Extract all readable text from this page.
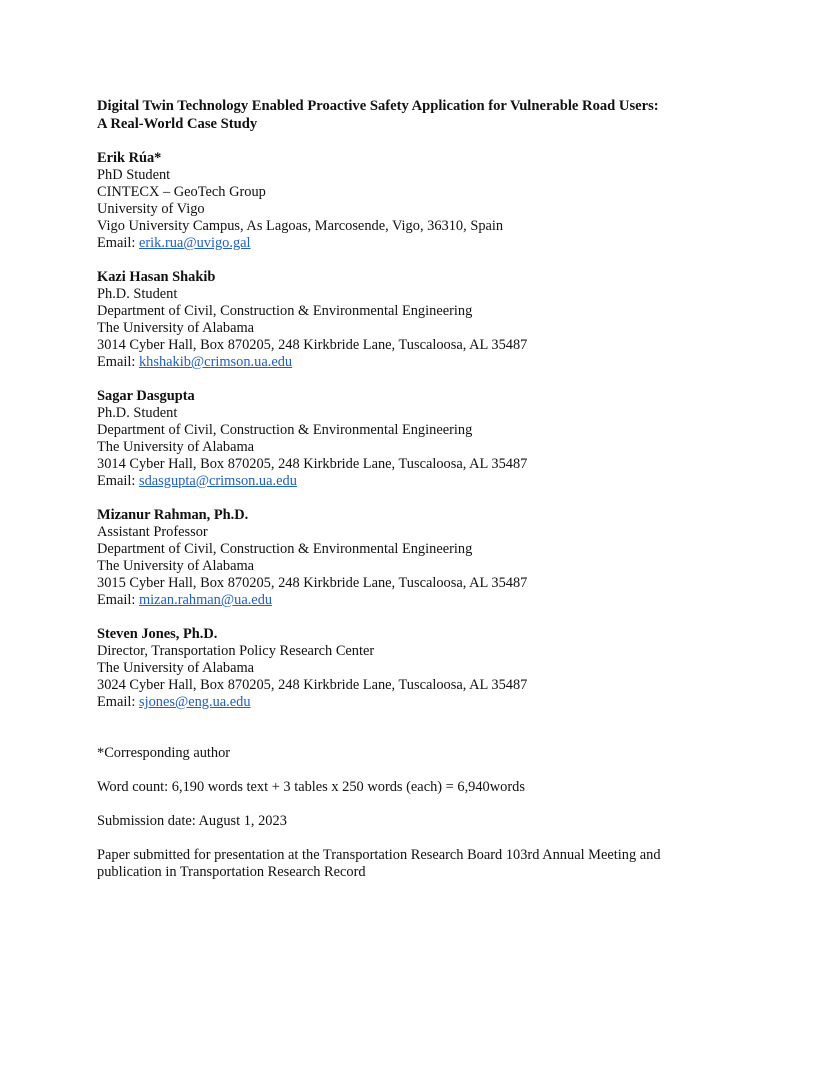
Digital Twin Technology Enabled Proactive Safety Application for Vulnerable Road Users:
A Real-World Case Study
Erik Rúa*
PhD Student
CINTECX – GeoTech Group
University of Vigo
Vigo University Campus, As Lagoas, Marcosende, Vigo, 36310, Spain
Email: erik.rua@uvigo.gal
Kazi Hasan Shakib
Ph.D. Student
Department of Civil, Construction & Environmental Engineering
The University of Alabama
3014 Cyber Hall, Box 870205, 248 Kirkbride Lane, Tuscaloosa, AL 35487
Email: khshakib@crimson.ua.edu
Sagar Dasgupta
Ph.D. Student
Department of Civil, Construction & Environmental Engineering
The University of Alabama
3014 Cyber Hall, Box 870205, 248 Kirkbride Lane, Tuscaloosa, AL 35487
Email: sdasgupta@crimson.ua.edu
Mizanur Rahman, Ph.D.
Assistant Professor
Department of Civil, Construction & Environmental Engineering
The University of Alabama
3015 Cyber Hall, Box 870205, 248 Kirkbride Lane, Tuscaloosa, AL 35487
Email: mizan.rahman@ua.edu
Steven Jones, Ph.D.
Director, Transportation Policy Research Center
The University of Alabama
3024 Cyber Hall, Box 870205, 248 Kirkbride Lane, Tuscaloosa, AL 35487
Email: sjones@eng.ua.edu
*Corresponding author
Word count: 6,190 words text + 3 tables x 250 words (each) = 6,940words
Submission date: August 1, 2023
Paper submitted for presentation at the Transportation Research Board 103rd Annual Meeting and
publication in Transportation Research Record
